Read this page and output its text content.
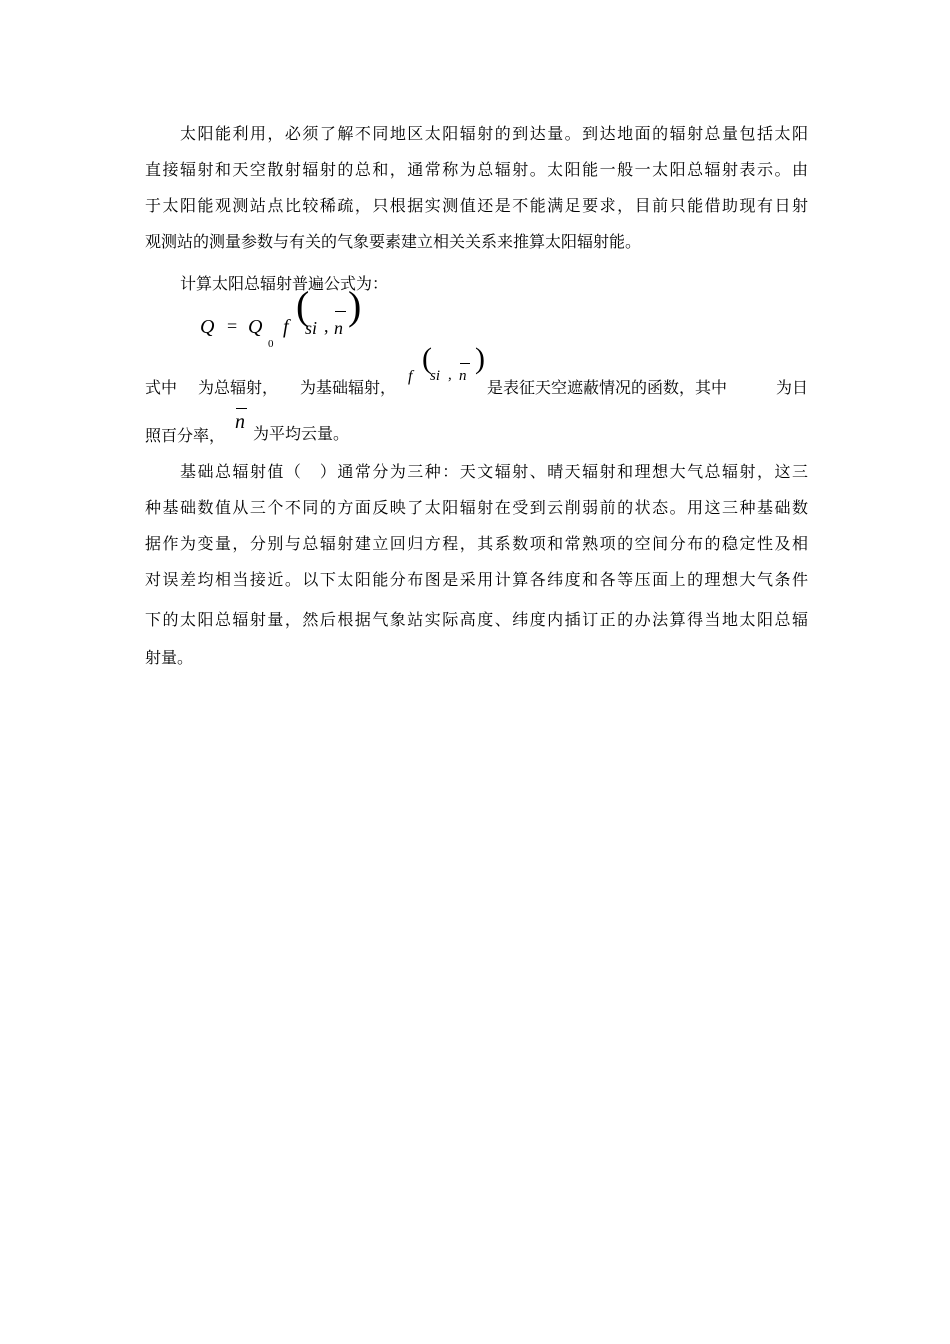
太阳能利用，必须了解不同地区太阳辐射的到达量。到达地面的辐射总量包括太阳
直接辐射和天空散射辐射的总和，通常称为总辐射。太阳能一般一太阳总辐射表示。由
于太阳能观测站点比较稀疏，只根据实测值还是不能满足要求，目前只能借助现有日射
观测站的测量参数与有关的气象要素建立相关关系来推算太阳辐射能。
计算太阳总辐射普遍公式为：
Q = Q
0
f (
si , n )
式中 为总辐射， 为基础辐射，
f
(
si , n
)
是表征天空遮蔽情况的函数，其中	为日
照百分率，
n
为平均云量。
基础总辐射值（　）通常分为三种：天文辐射、晴天辐射和理想大气总辐射，这三
种基础数值从三个不同的方面反映了太阳辐射在受到云削弱前的状态。用这三种基础数
据作为变量，分别与总辐射建立回归方程，其系数项和常熟项的空间分布的稳定性及相
对误差均相当接近。以下太阳能分布图是采用计算各纬度和各等压面上的理想大气条件
下的太阳总辐射量，然后根据气象站实际高度、纬度内插订正的办法算得当地太阳总辐
射量。
